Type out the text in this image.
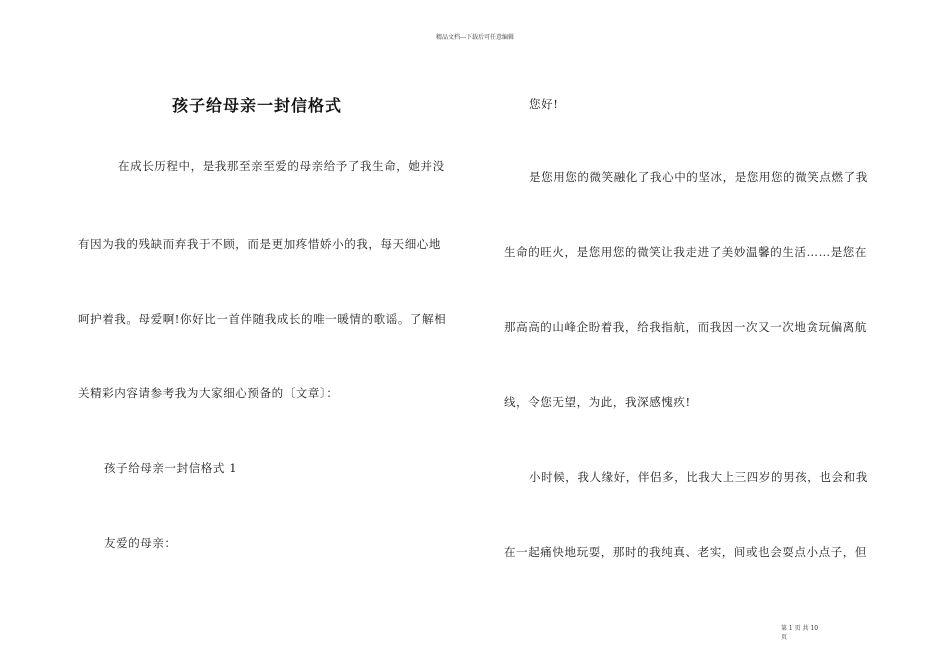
精品文档---下载后可任意编辑
孩子给母亲一封信格式
在成长历程中，是我那至亲至爱的母亲给予了我生命，她并没
有因为我的残缺而弃我于不顾，而是更加疼惜娇小的我，每天细心地
呵护着我。母爱啊!你好比一首伴随我成长的唯一暖情的歌谣。了解相
关精彩内容请参考我为大家细心预备的〔文章〕：
孩子给母亲一封信格式 1
友爱的母亲：
您好!
是您用您的微笑融化了我心中的坚冰，是您用您的微笑点燃了我
生命的旺火，是您用您的微笑让我走进了美妙温馨的生活……是您在
那高高的山峰企盼着我，给我指航，而我因一次又一次地贪玩偏离航
线，令您无望，为此，我深感愧疚!
小时候，我人缘好，伴侣多，比我大上三四岁的男孩，也会和我
在一起痛快地玩耍，那时的我纯真、老实，间或也会耍点小点子，但
第 1 页 共 10
页
